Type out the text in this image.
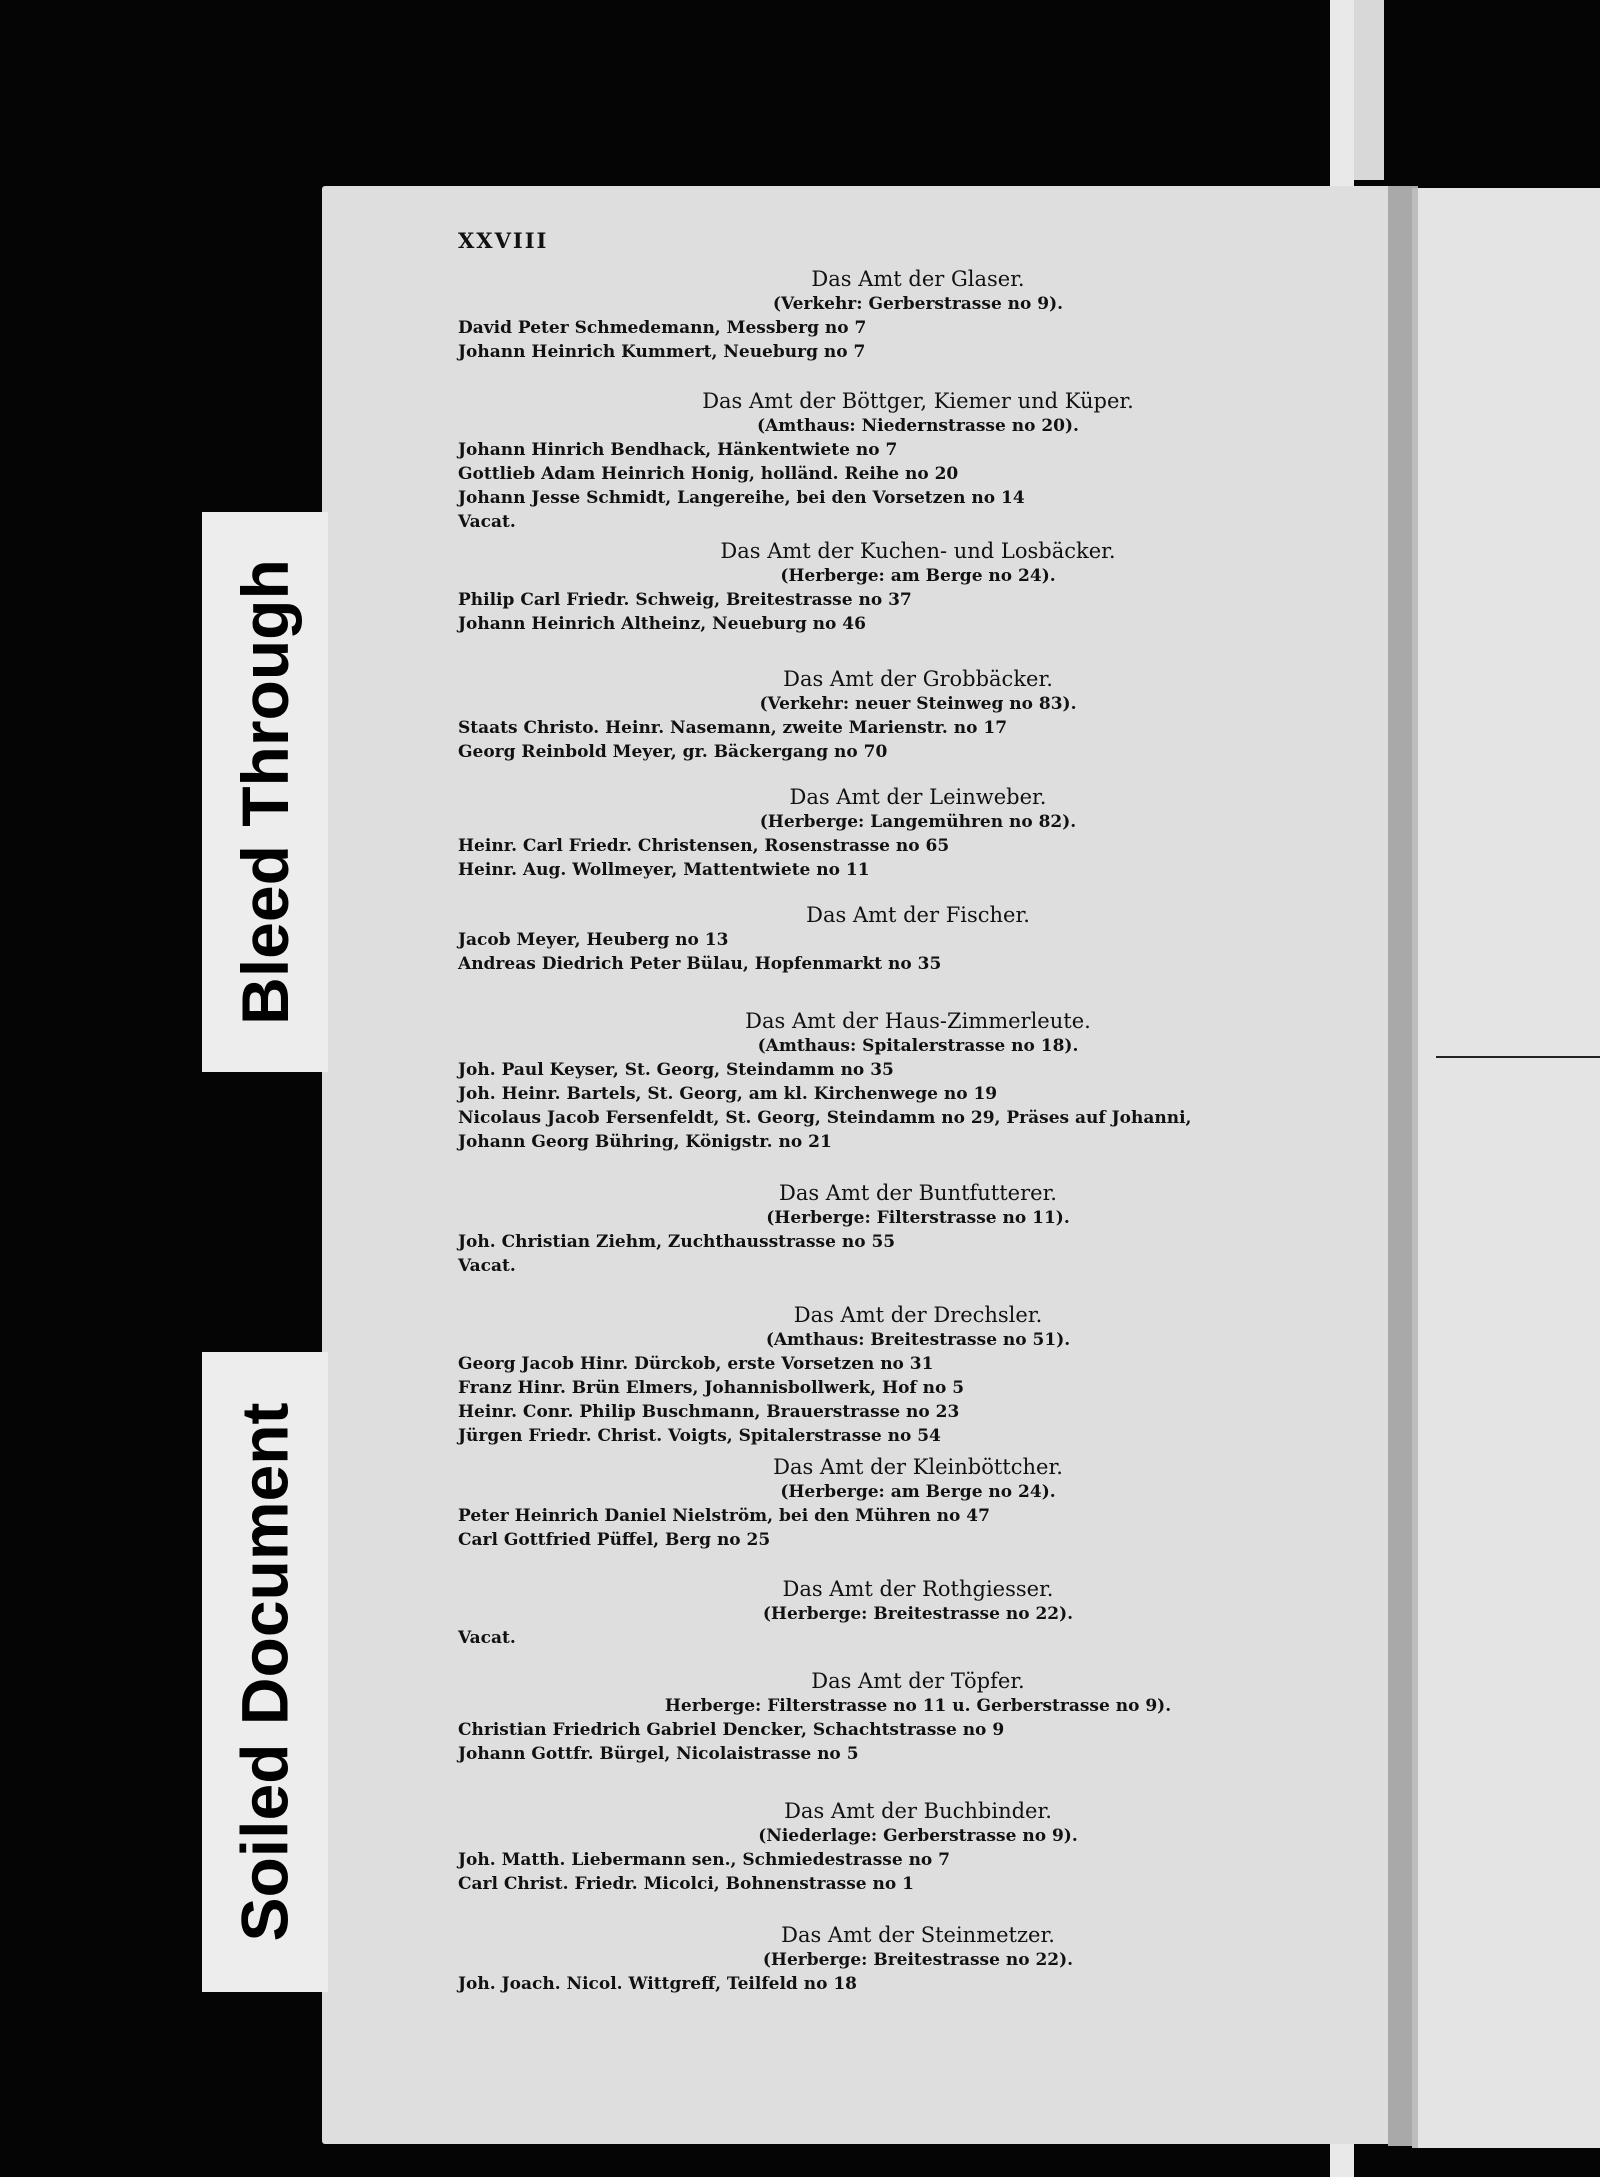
Bleed Through
Soiled Document
XXVIII
Das Amt der Glaser.
(Verkehr: Gerberstrasse no 9).
David Peter Schmedemann, Messberg no 7
Johann Heinrich Kummert, Neueburg no 7
Das Amt der Böttger, Kiemer und Küper.
(Amthaus: Niedernstrasse no 20).
Johann Hinrich Bendhack, Hänkentwiete no 7
Gottlieb Adam Heinrich Honig, holländ. Reihe no 20
Johann Jesse Schmidt, Langereihe, bei den Vorsetzen no 14
Vacat.
Das Amt der Kuchen- und Losbäcker.
(Herberge: am Berge no 24).
Philip Carl Friedr. Schweig, Breitestrasse no 37
Johann Heinrich Altheinz, Neueburg no 46
Das Amt der Grobbäcker.
(Verkehr: neuer Steinweg no 83).
Staats Christo. Heinr. Nasemann, zweite Marienstr. no 17
Georg Reinbold Meyer, gr. Bäckergang no 70
Das Amt der Leinweber.
(Herberge: Langemühren no 82).
Heinr. Carl Friedr. Christensen, Rosenstrasse no 65
Heinr. Aug. Wollmeyer, Mattentwiete no 11
Das Amt der Fischer.
Jacob Meyer, Heuberg no 13
Andreas Diedrich Peter Bülau, Hopfenmarkt no 35
Das Amt der Haus-Zimmerleute.
(Amthaus: Spitalerstrasse no 18).
Joh. Paul Keyser, St. Georg, Steindamm no 35
Joh. Heinr. Bartels, St. Georg, am kl. Kirchenwege no 19
Nicolaus Jacob Fersenfeldt, St. Georg, Steindamm no 29, Präses auf Johanni,
Johann Georg Bühring, Königstr. no 21
Das Amt der Buntfutterer.
(Herberge: Filterstrasse no 11).
Joh. Christian Ziehm, Zuchthausstrasse no 55
Vacat.
Das Amt der Drechsler.
(Amthaus: Breitestrasse no 51).
Georg Jacob Hinr. Dürckob, erste Vorsetzen no 31
Franz Hinr. Brün Elmers, Johannisbollwerk, Hof no 5
Heinr. Conr. Philip Buschmann, Brauerstrasse no 23
Jürgen Friedr. Christ. Voigts, Spitalerstrasse no 54
Das Amt der Kleinböttcher.
(Herberge: am Berge no 24).
Peter Heinrich Daniel Nielström, bei den Mühren no 47
Carl Gottfried Püffel, Berg no 25
Das Amt der Rothgiesser.
(Herberge: Breitestrasse no 22).
Vacat.
Das Amt der Töpfer.
Herberge: Filterstrasse no 11 u. Gerberstrasse no 9).
Christian Friedrich Gabriel Dencker, Schachtstrasse no 9
Johann Gottfr. Bürgel, Nicolaistrasse no 5
Das Amt der Buchbinder.
(Niederlage: Gerberstrasse no 9).
Joh. Matth. Liebermann sen., Schmiedestrasse no 7
Carl Christ. Friedr. Micolci, Bohnenstrasse no 1
Das Amt der Steinmetzer.
(Herberge: Breitestrasse no 22).
Joh. Joach. Nicol. Wittgreff, Teilfeld no 18
